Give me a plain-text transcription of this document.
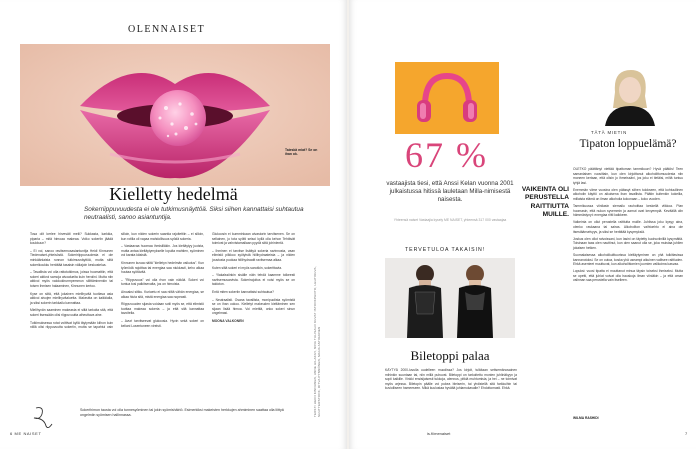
OLENNAISET
Taieskä miat? Se on ihan ok.
Kielletty hedelmä
Sokerriippuvuudesta ei ole tutkimusnäyttöä. Siksi siihen kannattaisi suhtautua neutraalisti, sanoo asiantuntija.

Tosa olit kerlee hirvesäti meili? Sukkasta, karkkia, piparia – mitä himoaa makeaa. Voiko sokeriin jäädä koukkuun?

– Ei voi, sanoo ravitsemusasiantuntija Heidi Kinnunen Tiedenaiset-yhteisöstä. Sokeririippuvuudesta ei ole minkäänlaista runnon tutkimusnäyttöä, mutta siitä sokerikoukku herättää tasaisin väliajoin keskustelua.

– Tavallista voi olla rattotutkimus, joissa huomattiin, että sokeri aktivoi samoja aivoalueita kuin heroiini. Mutta niin aktivoi myös valokokirurmpemmun silittäminenkin tai toisen ihmisen halaaminen, Kinnunen kertoo.

Kyse on siitä, että jokainen mielihyvää tuottava asia aktivoi aivojen mielihyväaluetta. Makeutta on kaikkialla, ja siksi sokerin tarkkailu kannattaa.

Mielihyvän saaminen makeasta ei siltä tarkoita sitä, että sokeri itsessään olisi riippuvuutta aiheuttava aine.

Tutkimuksessa rotat voittivat kyllä täytymään kiihon kuin niillä olisi riippuvuutta sokeriin, mutta se tapahtui vain silloin, kun niiden sokerin saantia rajoitettiin – ei silloin, kun rotilla oli vapaa mahdollisuus syödä sokeria.

– Vastaavaa huomaa ihmisilläkin. Jos kieltäytyy juoista, mutta antaa kieltäytymykselle lopulta mahtien, syöminen voi karata käsistä.

Kinnunen kuvaa näitä "kielletyn hedelmän vaikutus". Kun työmödä rajoittaa tai energiaa saa niukkasti, keho alkaa huutaa syötävää.

– "Riippuvuus" voi olla rhon vain näköä. Sokeri voi tuntua tosi palkitsevalta, jos on himoista.

Ainoaksi sitiku. Kuriaetu ei saa niiltä vähän energiaa, se alkaa hluta sitä, mistä energiaa saa nopeasti.

Riippuvuuden sijasta voidaan sotii myös se, että elimistö tuottaa makeaa sokeria – ja että sitä kannattaa tavoitella.

– Avuri tarvitseevat glukoosia. Hyvin sekä sokeri on keliani Lusentuneen vireisti.

Glukoosin ei kumminkaan aivastorin tarvitsenen. Se on sellainen, jo tota syötti seisoi kyllä olla kehon Tehtävät toimivat ja vahvistamallaan pyydä siitä johinlentä.

– Ihminen ei tarvitse lisättyä sokeria ravinnosta, vaan elimistö pilkkoo syötyistä hiilihydraateista – ja niiden joustusta puokaa hiilihydraatit ravitsemaa alkaa.

Kuten siltä sokeri ei myös sanotkin, sokerittavia.

– Ylakalssiinkin sisälle näin tehdä kaamme tolkeesti ravitsemusarvista. Sokerirajoitus ei voisi myös se on taidoton.

Entä miten sokeriin kannattaisi suhtautua?

– Neutraalisti. Osana tavallista, monipuolista syömistä se on ihan ookoo. Kielletyt makeuden kieltäminen sen sijaan lisää himoa. Voi miettiä, onko sokeri sinun ongelmasi.

MOONA VALKONEN	TEKSTI HEIDI KINNUNEN, ANNE HILAKIVI, NINA TULISALO KUVAT ISTOCKPHOTO, LEHTIKUVA, SHUTTERSTOCK, RITVA PYNNÖNEN, MAIJA ASTIKAINEN
Sokerihimon tausta voi olla tunnesyöminen tai jokin syömishäiriö. Esimerkiksi makeisten herkkujen ahmiminen saattaa olla liittyä ongelmiin syömisen hallinnassa.
6 ME NAISET
67 %
vastaajista tiesi, että Anssi Kelan vuonna 2001 julkaistussa hitissä lauletaan Milla-nimisestä naisesta.
Yhteensä naiset Vastaajia kysely ME NAISET, yhteensä 317 000 vastaajaa
TERVETULOA TAKAISIN!
Biletoppi palaa
KÄYTYÄ 2000-luvulla uudelleen muodissa? Jos kirjoit, tulkitaan seitsemänosainen mihinkin suuntaan tai, niin millä puhuvat. Biletoppi on tarkoitettu monien juhlinäkyyn ja sopii kaikille. Vinkki ensisijaisesti tukkoja, alennus, pitkiä muhtumisia, ja hei – ne toimivat myös arjessa. Biletopin päälle voi pukea bleiserin, tai yhdistellä sitä farkkuihin tai kuviolliseen hameeseen. Mikä kuulostaa hyvältä juhlamukavalle? Ehdottomasti. Ehkä.
is.fi/menaiset
VAIKEINTA OLI PERUSTELLA RAITTIUTTA MUILLE.
TÄTÄ MIETIN
Tipaton loppuelämä?

OLETKO päättänyt viettää tipattoman tammikuun? Hyvä päätös! Teen samanlaisen vuosittain, kun olen kirjoittanut alkoholittomuudesta niin moneen kertaan, että olisin jo ihmeissäni, jos joku ei tietäisi, miltä tuntuu tyhjä lasi.

Enemmän viime vuosina olen päässyt siihen tulokseen, että kohtuullinen alkoholin käyttö on aikuisena ihan tavallista. Päätin kuitenkin kokeilla, millaista elämä on ilman alkoholia kokonaan – koko vuoden.

Tammikuussa viinilasin siemailu rauhoittaa keskellä viikkoa. Pian huomasin, että nukun syvemmin ja aamut ovat kevyempiä. Keväällä olin hämmästynyt: energiaa riitti kaikkeen.

Vaikeinta on ollut perustella raittiutta muille. Juhlissa joku kysyy aina, olenko raskaana tai sairas. Alkoholiton vaihtoehto ei aina ole itsestäänselvyys, ja siksi se herättää kysymyksiä.

Joskus olen ollut raivoissani, kun lasini on täytetty kuohuviinillä kysymättä. Toisinaan taas olen nauttinut, kun olen saanut olla se, joka muistaa juhlien jokaisen hetken.

Suomalaisessa alkoholikulttuurissa kieltäytyminen on yhä tulkittavissa kannanotoksi. Se on outoa, koska yhä useampi aikuinen valitsee raittiuden. Ehkä asenteet muuttuvat, kun alkoholittomien juomien valikoima kasvaa.

Lopuksi: vuosi tipatta ei muuttanut minua täysin toiseksi ihmiseksi. Mutta se opetti, että juhlat voivat olla hauskoja ilman viiniäkin – ja että oman valinnan saa perustella vain itselleen.

WILMA RASHIDI
7
